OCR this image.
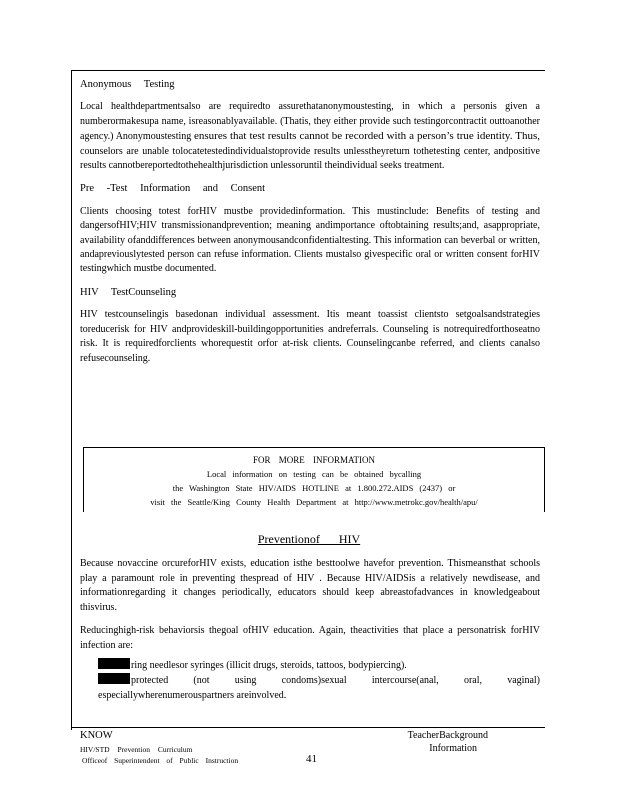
Anonymous Testing

Local healthdepartmentsalso are requiredto assurethatanonymoustesting, in which a personis given a numberormakesupa name, isreasonablyavailable. (Thatis, they either provide such testingorcontractit outtoanother agency.) Anonymoustesting ensures that test results cannot be recorded with a person’s true identity. Thus, counselors are unable tolocatetestedindividualstoprovide results unlesstheyreturn tothetesting center, andpositive results cannotbereportedtothehealthjurisdiction unlessoruntil theindividual seeks treatment.

Pre -Test Information and Consent

Clients choosing totest forHIV mustbe providedinformation. This mustinclude: Benefits of testing and dangersofHIV;HIV transmissionandprevention; meaning andimportance oftobtaining results;and, asappropriate, availability ofanddifferences between anonymousandconfidentialtesting. This information can beverbal or written, andapreviouslytested person can refuse information. Clients mustalso givespecific oral or written consent forHIV testingwhich mustbe documented.

HIV TestCounseling

HIV testcounselingis basedonan individual assessment. Itis meant toassist clientsto setgoalsandstrategies toreducerisk for HIV andprovideskill-buildingopportunities andreferrals. Counseling is notrequiredforthoseatno risk. It is requiredforclients whorequestit orfor at-risk clients. Counselingcanbe referred, and clients canalso refusecounseling.

FOR MORE INFORMATION
Local information on testing can be obtained bycalling
the Washington State HIV/AIDS HOTLINE at 1.800.272.AIDS (2437) or
visit the Seattle/King County Health Department at http://www.metrokc.gov/health/apu/
Preventionof HIV

Because novaccine orcureforHIV exists, education isthe besttoolwe havefor prevention. Thismeansthat schools play a paramount role in preventing thespread of HIV . Because HIV/AIDSis a relatively newdisease, and informationregarding it changes periodically, educators should keep abreastofadvances in knowledgeabout thisvirus.

Reducinghigh-risk behaviorsis thegoal ofHIV education. Again, theactivities that place a personatrisk forHIV infection are:

ring needlesor syringes (illicit drugs, steroids, tattoos, bodypiercing).
protected (not using condoms)sexual intercourse(anal, oral, vaginal) especiallywherenumerouspartners areinvolved.
KNOW	TeacherBackground
Information
HIV/STD Prevention Curriculum
Officeof Superintendent of Public Instruction	41
